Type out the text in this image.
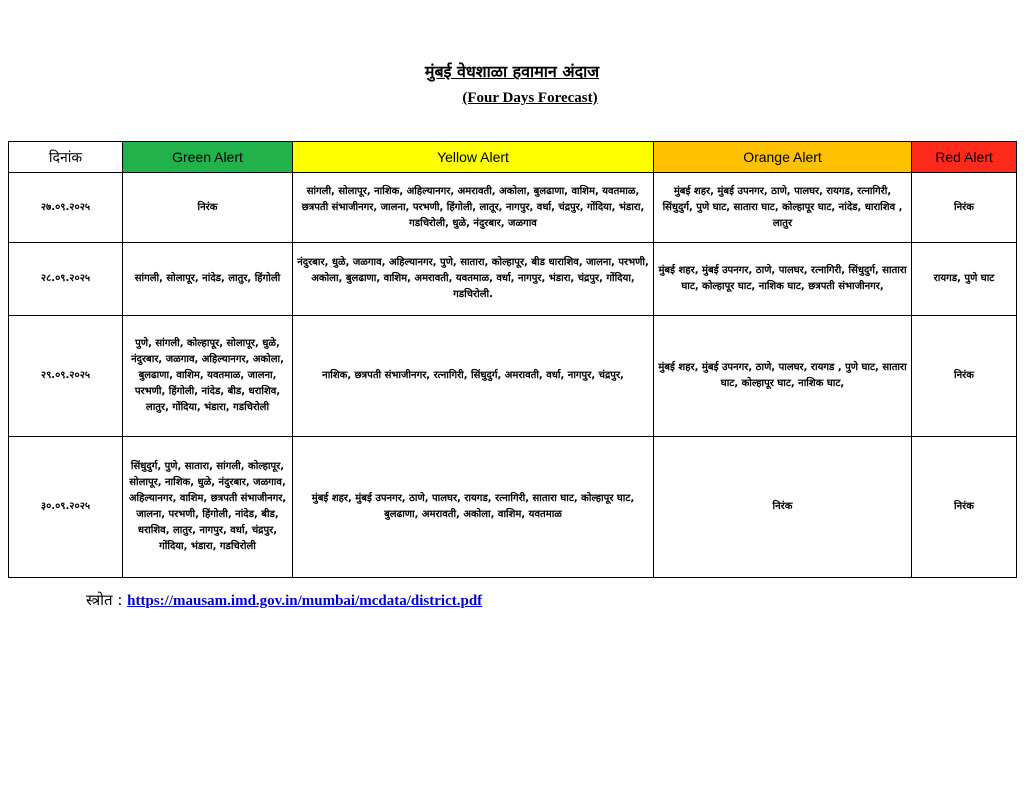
मुंबई वेधशाळा हवामान अंदाज
(Four Days Forecast)
दिनांक	Green Alert	Yellow Alert	Orange Alert	Red Alert
२७.०९.२०२५	निरंक	सांगली, सोलापूर, नाशिक, अहिल्यानगर, अमरावती, अकोला, बुलढाणा, वाशिम, यवतमाळ, छत्रपती संभाजीनगर, जालना, परभणी, हिंगोली, लातूर, नागपुर, वर्धा, चंद्रपुर, गोंदिया, भंडारा, गडचिरोली, धुळे, नंदुरबार, जळगाव	मुंबई शहर, मुंबई उपनगर, ठाणे, पालघर, रायगड, रत्नागिरी, सिंधुदुर्ग, पुणे घाट, सातारा घाट, कोल्हापूर घाट, नांदेड, धाराशिव , लातुर	निरंक
२८.०९.२०२५	सांगली, सोलापूर, नांदेड, लातुर, हिंगोली	नंदुरबार, धुळे, जळगाव, अहिल्यानगर, पुणे, सातारा, कोल्हापूर, बीड धाराशिव, जालना, परभणी, अकोला, बुलढाणा, वाशिम, अमरावती, यवतमाळ, वर्धा, नागपुर, भंडारा, चंद्रपुर, गोंदिया, गडचिरोली.	मुंबई शहर, मुंबई उपनगर, ठाणे, पालघर, रत्नागिरी, सिंधुदुर्ग, सातारा घाट, कोल्हापूर घाट, नाशिक घाट, छत्रपती संभाजीनगर,	रायगड, पुणे घाट
२९.०९.२०२५	पुणे, सांगली, कोल्हापूर, सोलापूर, धुळे, नंदुरबार, जळगाव, अहिल्यानगर, अकोला, बुलढाणा, वाशिम, यवतमाळ, जालना, परभणी, हिंगोली, नांदेड, बीड, धराशिव, लातुर, गोंदिया, भंडारा, गडचिरोली	नाशिक, छत्रपती संभाजीनगर, रत्नागिरी, सिंधुदुर्ग, अमरावती, वर्धा, नागपुर, चंद्रपुर,	मुंबई शहर, मुंबई उपनगर, ठाणे, पालघर, रायगड , पुणे घाट, सातारा घाट, कोल्हापूर घाट, नाशिक घाट,	निरंक
३०.०९.२०२५	सिंधुदुर्ग, पुणे, सातारा, सांगली, कोल्हापूर, सोलापूर, नाशिक, धुळे, नंदुरबार, जळगाव, अहिल्यानगर, वाशिम, छत्रपती संभाजीनगर, जालना, परभणी, हिंगोली, नांदेड, बीड, धराशिव, लातुर, नागपुर, वर्धा, चंद्रपुर, गोंदिया, भंडारा, गडचिरोली	मुंबई शहर, मुंबई उपनगर, ठाणे, पालघर, रायगड, रत्नागिरी, सातारा घाट, कोल्हापूर घाट, बुलढाणा, अमरावती, अकोला, वाशिम, यवतमाळ	निरंक	निरंक
स्त्रोत : https://mausam.imd.gov.in/mumbai/mcdata/district.pdf
